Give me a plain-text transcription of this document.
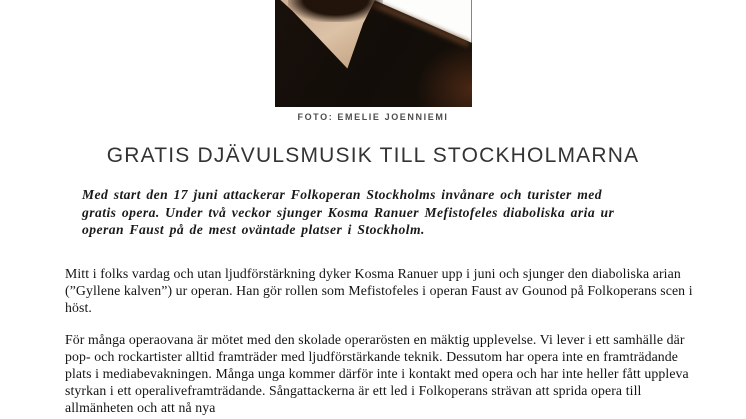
FOTO: EMELIE JOENNIEMI
GRATIS DJÄVULSMUSIK TILL STOCKHOLMARNA

Med start den 17 juni attackerar Folkoperan Stockholms invånare och turister med gratis opera. Under två veckor sjunger Kosma Ranuer Mefistofeles diaboliska aria ur operan Faust på de mest oväntade platser i Stockholm.

Mitt i folks vardag och utan ljudförstärkning dyker Kosma Ranuer upp i juni och sjunger den diaboliska arian (”Gyllene kalven”) ur operan. Han gör rollen som Mefistofeles i operan Faust av Gounod på Folkoperans scen i höst.

För många operaovana är mötet med den skolade operarösten en mäktig upplevelse. Vi lever i ett samhälle där pop- och rockartister alltid framträder med ljudförstärkande teknik. Dessutom har opera inte en framträdande plats i mediabevakningen. Många unga kommer därför inte i kontakt med opera och har inte heller fått uppleva styrkan i ett operaliveframträdande. Sångattackerna är ett led i Folkoperans strävan att sprida opera till allmänheten och att nå nya
